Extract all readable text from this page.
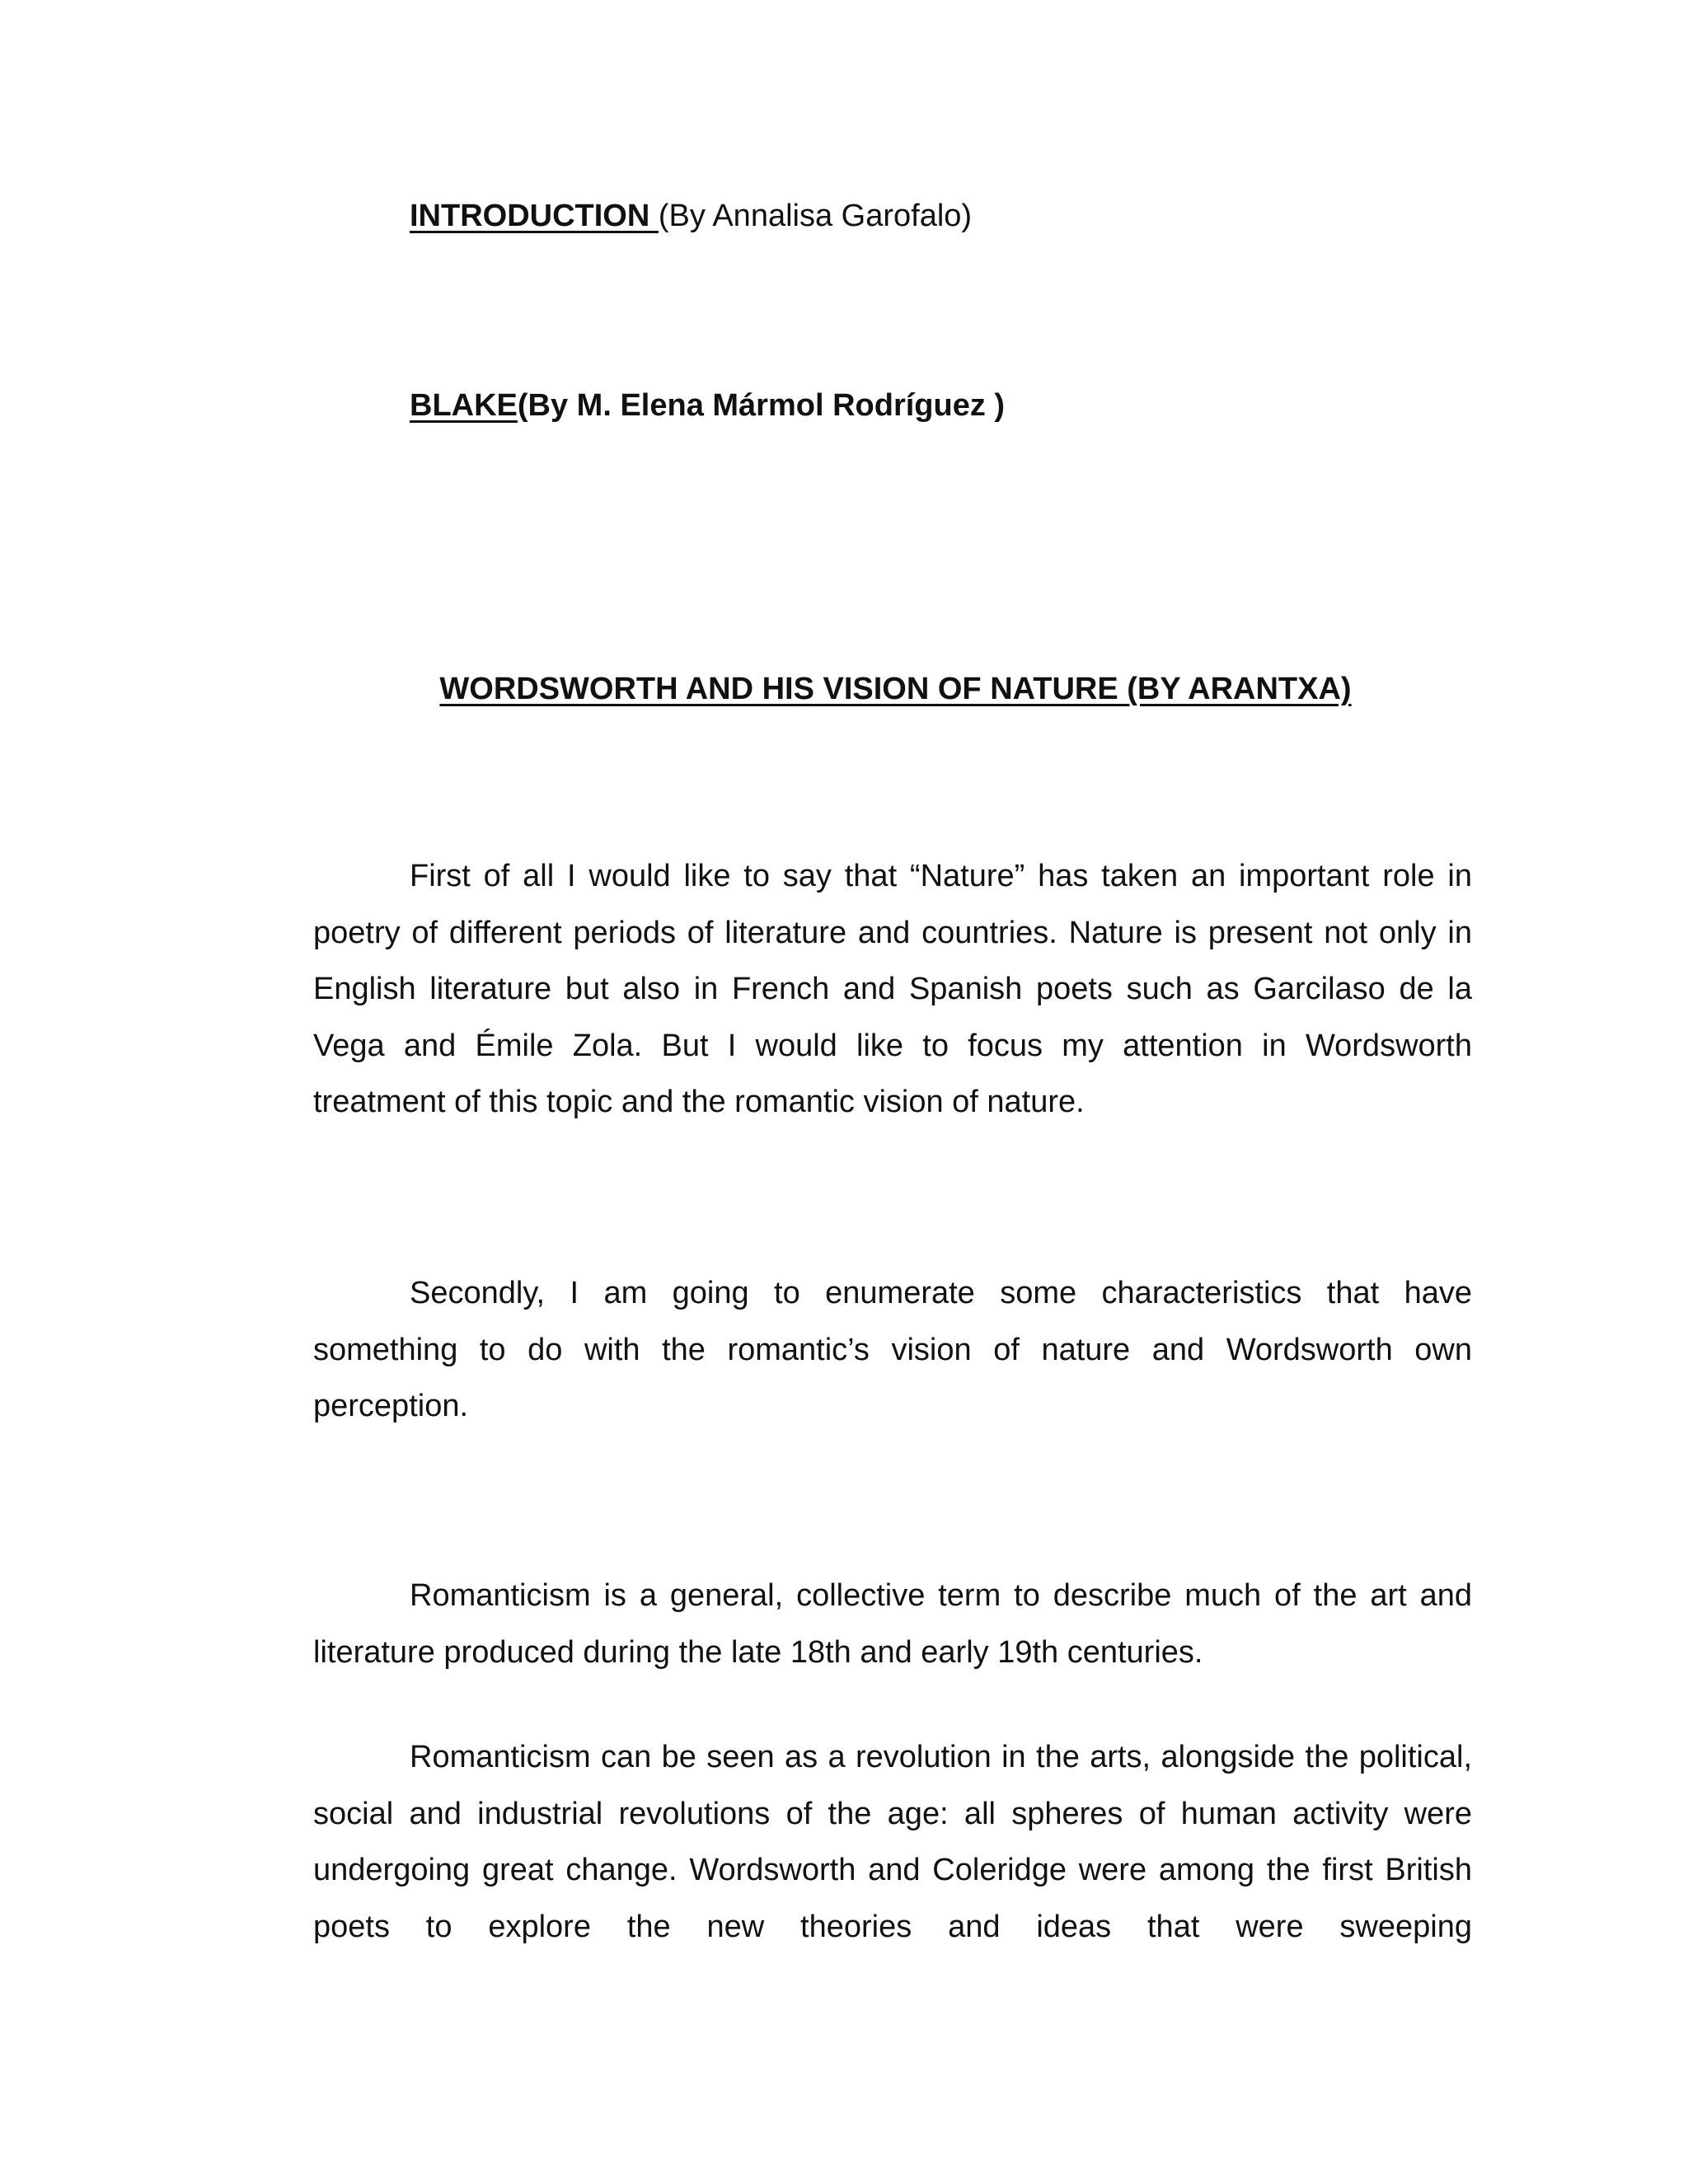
INTRODUCTION (By Annalisa Garofalo)
BLAKE(By M. Elena Mármol Rodríguez )
WORDSWORTH AND HIS VISION OF NATURE (BY ARANTXA)

First of all I would like to say that “Nature” has taken an important role in poetry of different periods of literature and countries. Nature is present not only in English literature but also in French and Spanish poets such as Garcilaso de la Vega and Émile Zola. But I would like to focus my attention in Wordsworth treatment of this topic and the romantic vision of nature.

Secondly, I am going to enumerate some characteristics that have something to do with the romantic’s vision of nature and Wordsworth own perception.

Romanticism is a general, collective term to describe much of the art and literature produced during the late 18th and early 19th centuries.

Romanticism can be seen as a revolution in the arts, alongside the political, social and industrial revolutions of the age: all spheres of human activity were undergoing great change. Wordsworth and Coleridge were among the first British poets to explore the new theories and ideas that were sweeping
